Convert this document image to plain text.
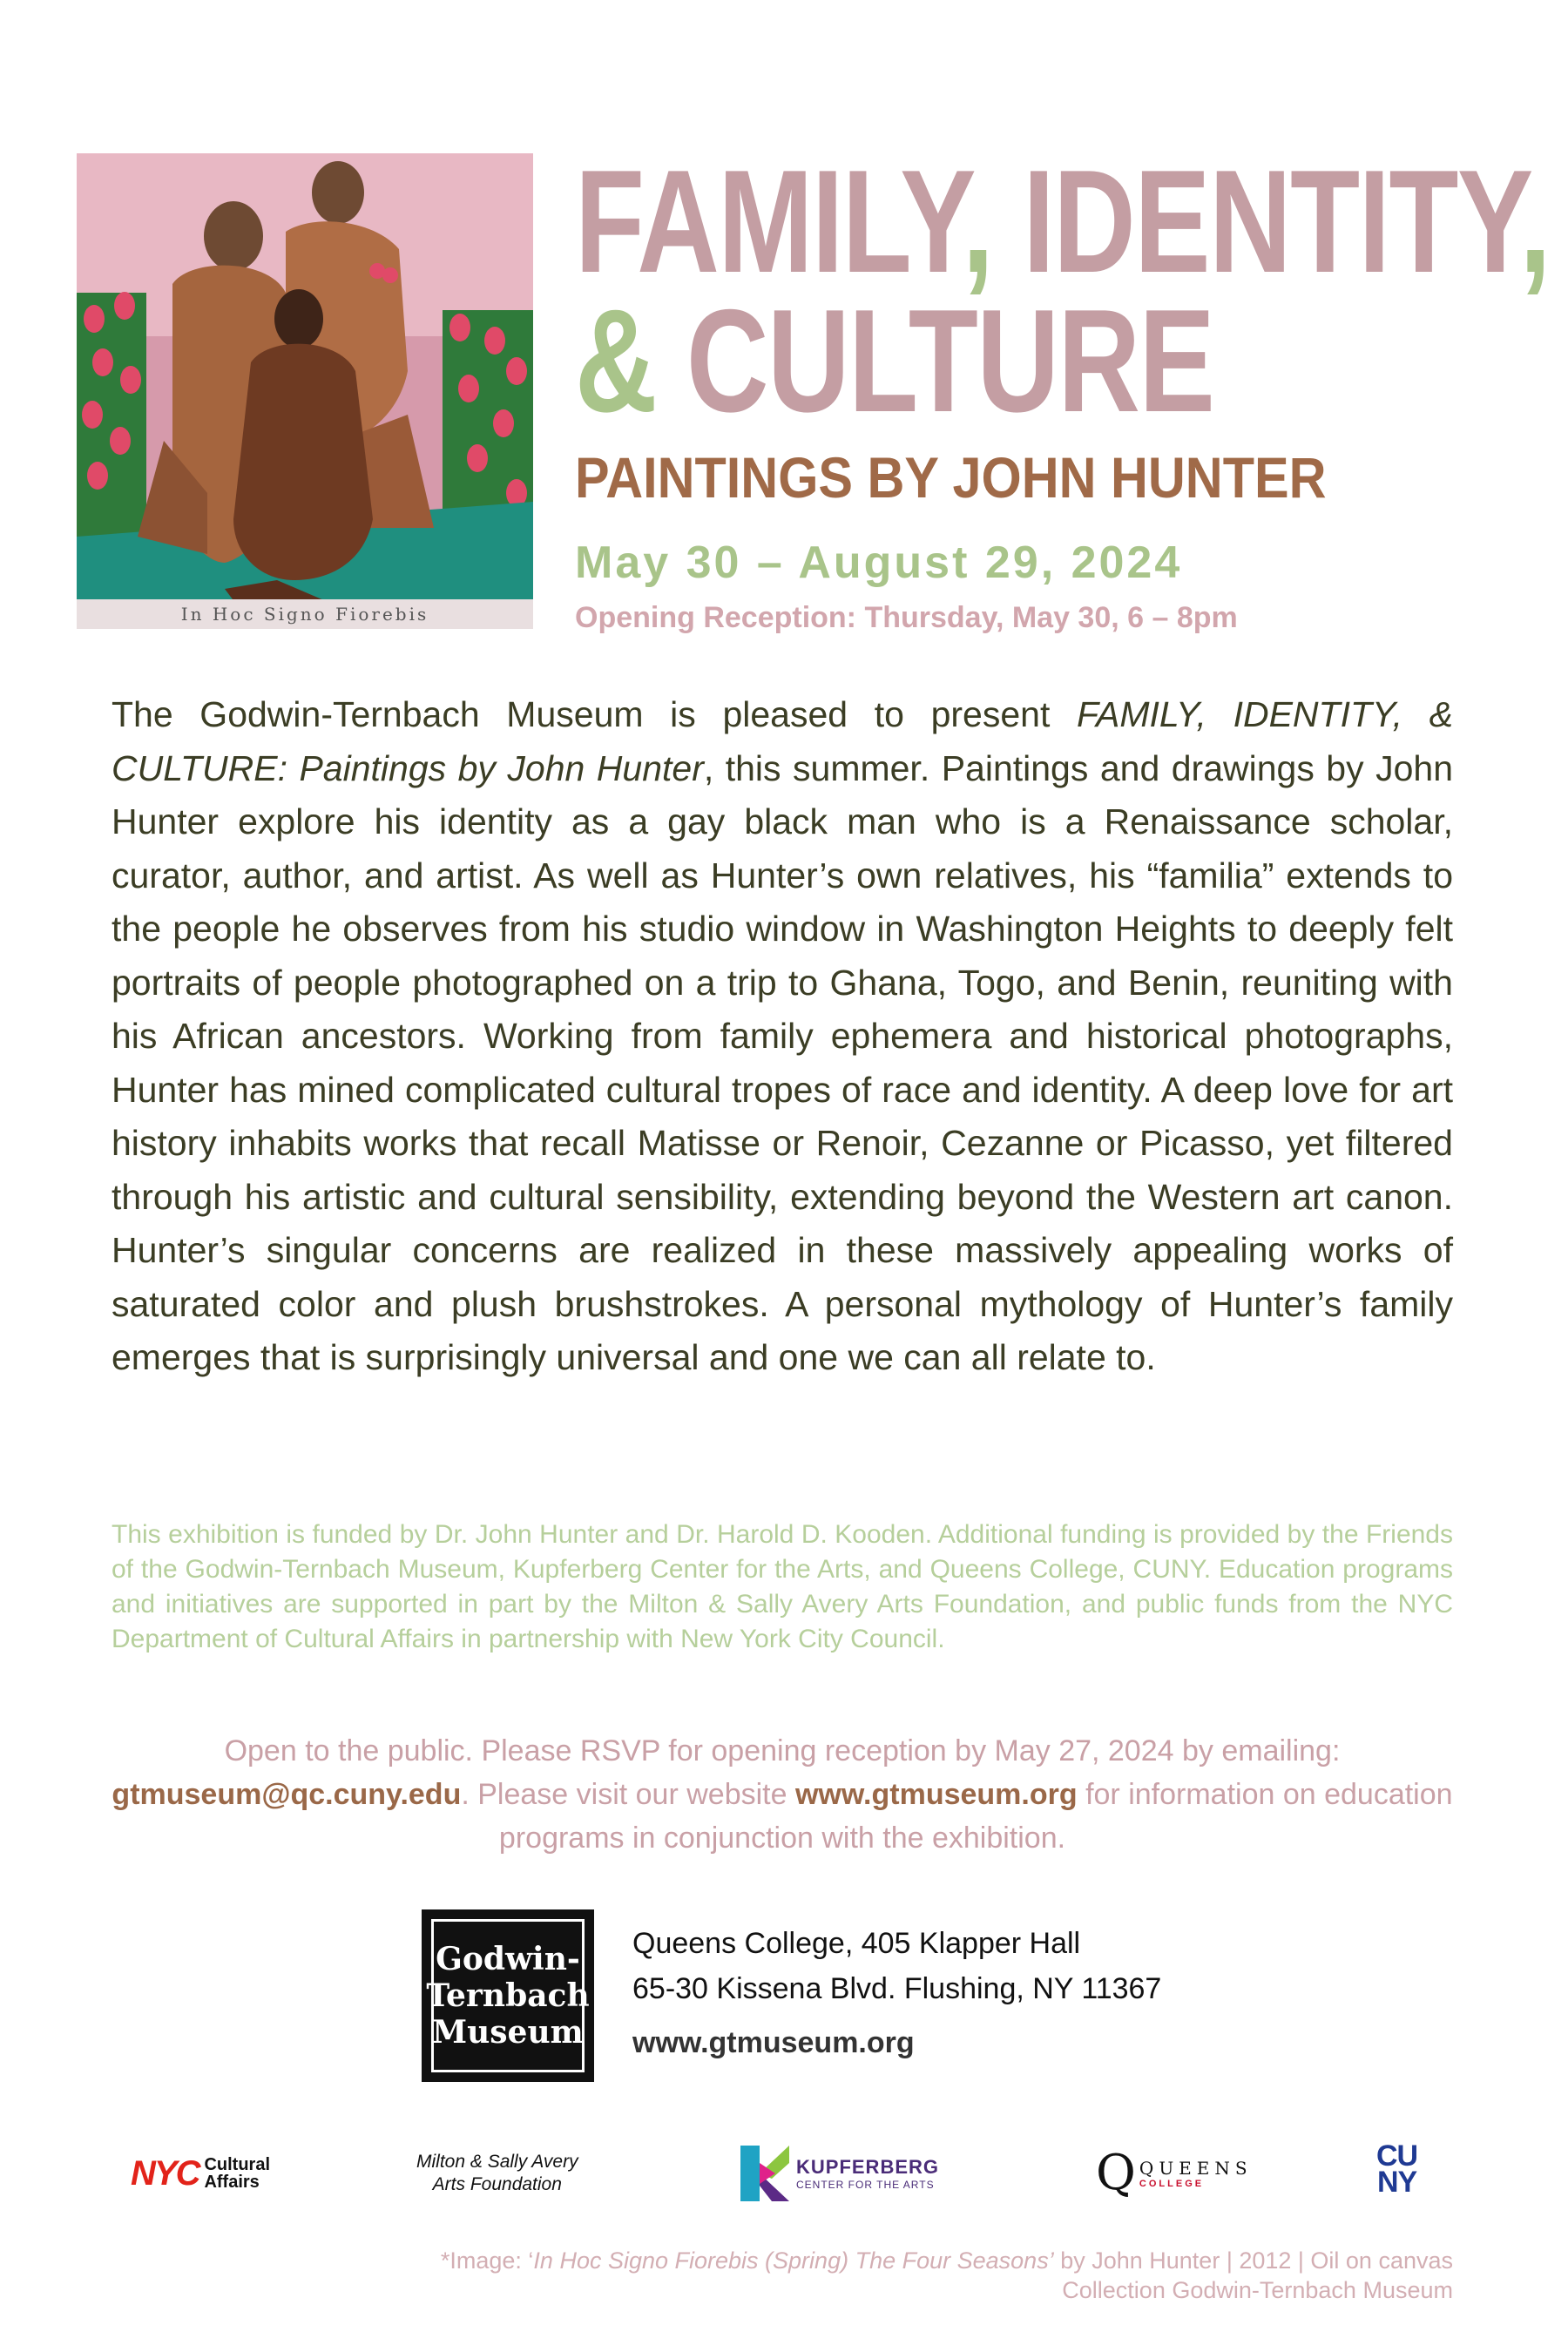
In Hoc Signo Fiorebis
FAMILY, IDENTITY,
& CULTURE
PAINTINGS BY JOHN HUNTER
May 30 – August 29, 2024
Opening Reception: Thursday, May 30, 6 – 8pm

The Godwin-Ternbach Museum is pleased to present FAMILY, IDENTITY, & CULTURE: Paintings by John Hunter, this summer. Paintings and drawings by John Hunter explore his identity as a gay black man who is a Renaissance scholar, curator, author, and artist. As well as Hunter’s own relatives, his “familia” extends to the people he observes from his studio window in Washington Heights to deeply felt portraits of people photographed on a trip to Ghana, Togo, and Benin, reuniting with his African ancestors. Working from family ephemera and historical photographs, Hunter has mined complicated cultural tropes of race and identity. A deep love for art history inhabits works that recall Matisse or Renoir, Cezanne or Picasso, yet filtered through his artistic and cultural sensibility, extending beyond the Western art canon. Hunter’s singular concerns are realized in these massively appealing works of saturated color and plush brushstrokes. A personal mythology of Hunter’s family emerges that is surprisingly universal and one we can all relate to.

This exhibition is funded by Dr. John Hunter and Dr. Harold D. Kooden. Additional funding is provided by the Friends of the Godwin-Ternbach Museum, Kupferberg Center for the Arts, and Queens College, CUNY. Education programs and initiatives are supported in part by the Milton & Sally Avery Arts Foundation, and public funds from the NYC Department of Cultural Affairs in partnership with New York City Council.

Open to the public. Please RSVP for opening reception by May 27, 2024 by emailing: gtmuseum@qc.cuny.edu. Please visit our website www.gtmuseum.org for information on education programs in conjunction with the exhibition.

Godwin-
Ternbach
Museum
Queens College, 405 Klapper Hall
65-30 Kissena Blvd. Flushing, NY 11367
www.gtmuseum.org
NYC Cultural
Affairs
Milton & Sally Avery
Arts Foundation
KUPFERBERG
CENTER FOR THE ARTS	Q QUEENS
COLLEGE
CU
NY
*Image: ‘In Hoc Signo Fiorebis (Spring) The Four Seasons’ by John Hunter | 2012 | Oil on canvas
Collection Godwin-Ternbach Museum
